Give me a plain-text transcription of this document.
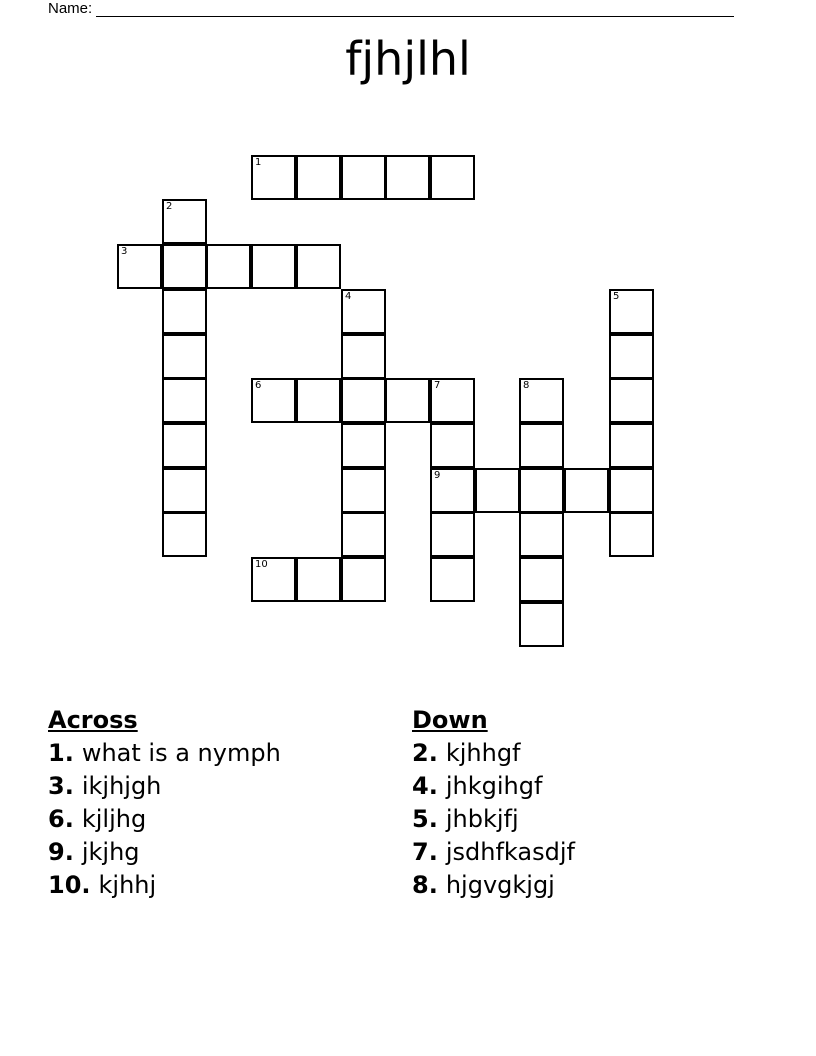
Name:
fjhjlhl
1
2
3
4	5
6	7	8
9
10
Across
1. what is a nymph
3. ikjhjgh
6. kjljhg
9. jkjhg
10. kjhhj
Down
2. kjhhgf
4. jhkgihgf
5. jhbkjfj
7. jsdhfkasdjf
8. hjgvgkjgj
